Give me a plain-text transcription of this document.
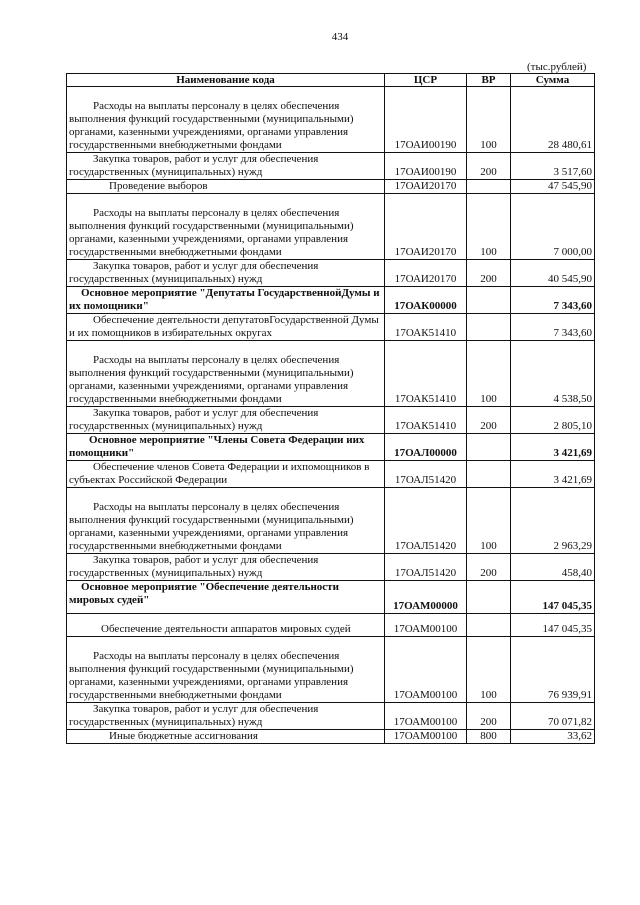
434
(тыс.рублей)
Наименование кода	ЦСР	ВР	Сумма

Расходы на выплаты персоналу в целях обеспечениявыполнения функций государственными (муниципальными) органами, казенными учреждениями, органами управления государственными внебюджетными фондами	17ОАИ00190	100	28 480,61
Закупка товаров, работ и услуг для обеспечениягосударственных (муниципальных) нужд	17ОАИ00190	200	3 517,60
Проведение выборов	17ОАИ20170		47 545,90

Расходы на выплаты персоналу в целях обеспечениявыполнения функций государственными (муниципальными) органами, казенными учреждениями, органами управления государственными внебюджетными фондами	17ОАИ20170	100	7 000,00
Закупка товаров, работ и услуг для обеспечениягосударственных (муниципальных) нужд	17ОАИ20170	200	40 545,90
Основное мероприятие "Депутаты ГосударственнойДумы и их помощники"	17ОАК00000		7 343,60
Обеспечение деятельности депутатовГосударственной Думы и их помощников в избирательных округах	17ОАК51410		7 343,60

Расходы на выплаты персоналу в целях обеспечениявыполнения функций государственными (муниципальными) органами, казенными учреждениями, органами управления государственными внебюджетными фондами	17ОАК51410	100	4 538,50
Закупка товаров, работ и услуг для обеспечениягосударственных (муниципальных) нужд	17ОАК51410	200	2 805,10
Основное мероприятие "Члены Совета Федерации иих помощники"	17ОАЛ00000		3 421,69
Обеспечение членов Совета Федерации и ихпомощников в субъектах Российской Федерации	17ОАЛ51420		3 421,69

Расходы на выплаты персоналу в целях обеспечениявыполнения функций государственными (муниципальными) органами, казенными учреждениями, органами управления государственными внебюджетными фондами	17ОАЛ51420	100	2 963,29
Закупка товаров, работ и услуг для обеспечениягосударственных (муниципальных) нужд	17ОАЛ51420	200	458,40
Основное мероприятие "Обеспечение деятельностимировых судей"	17ОАМ00000		147 045,35

Обеспечение деятельности аппаратов мировых судей	17ОАМ00100		147 045,35

Расходы на выплаты персоналу в целях обеспечениявыполнения функций государственными (муниципальными) органами, казенными учреждениями, органами управления государственными внебюджетными фондами	17ОАМ00100	100	76 939,91
Закупка товаров, работ и услуг для обеспечениягосударственных (муниципальных) нужд	17ОАМ00100	200	70 071,82
Иные бюджетные ассигнования	17ОАМ00100	800	33,62
